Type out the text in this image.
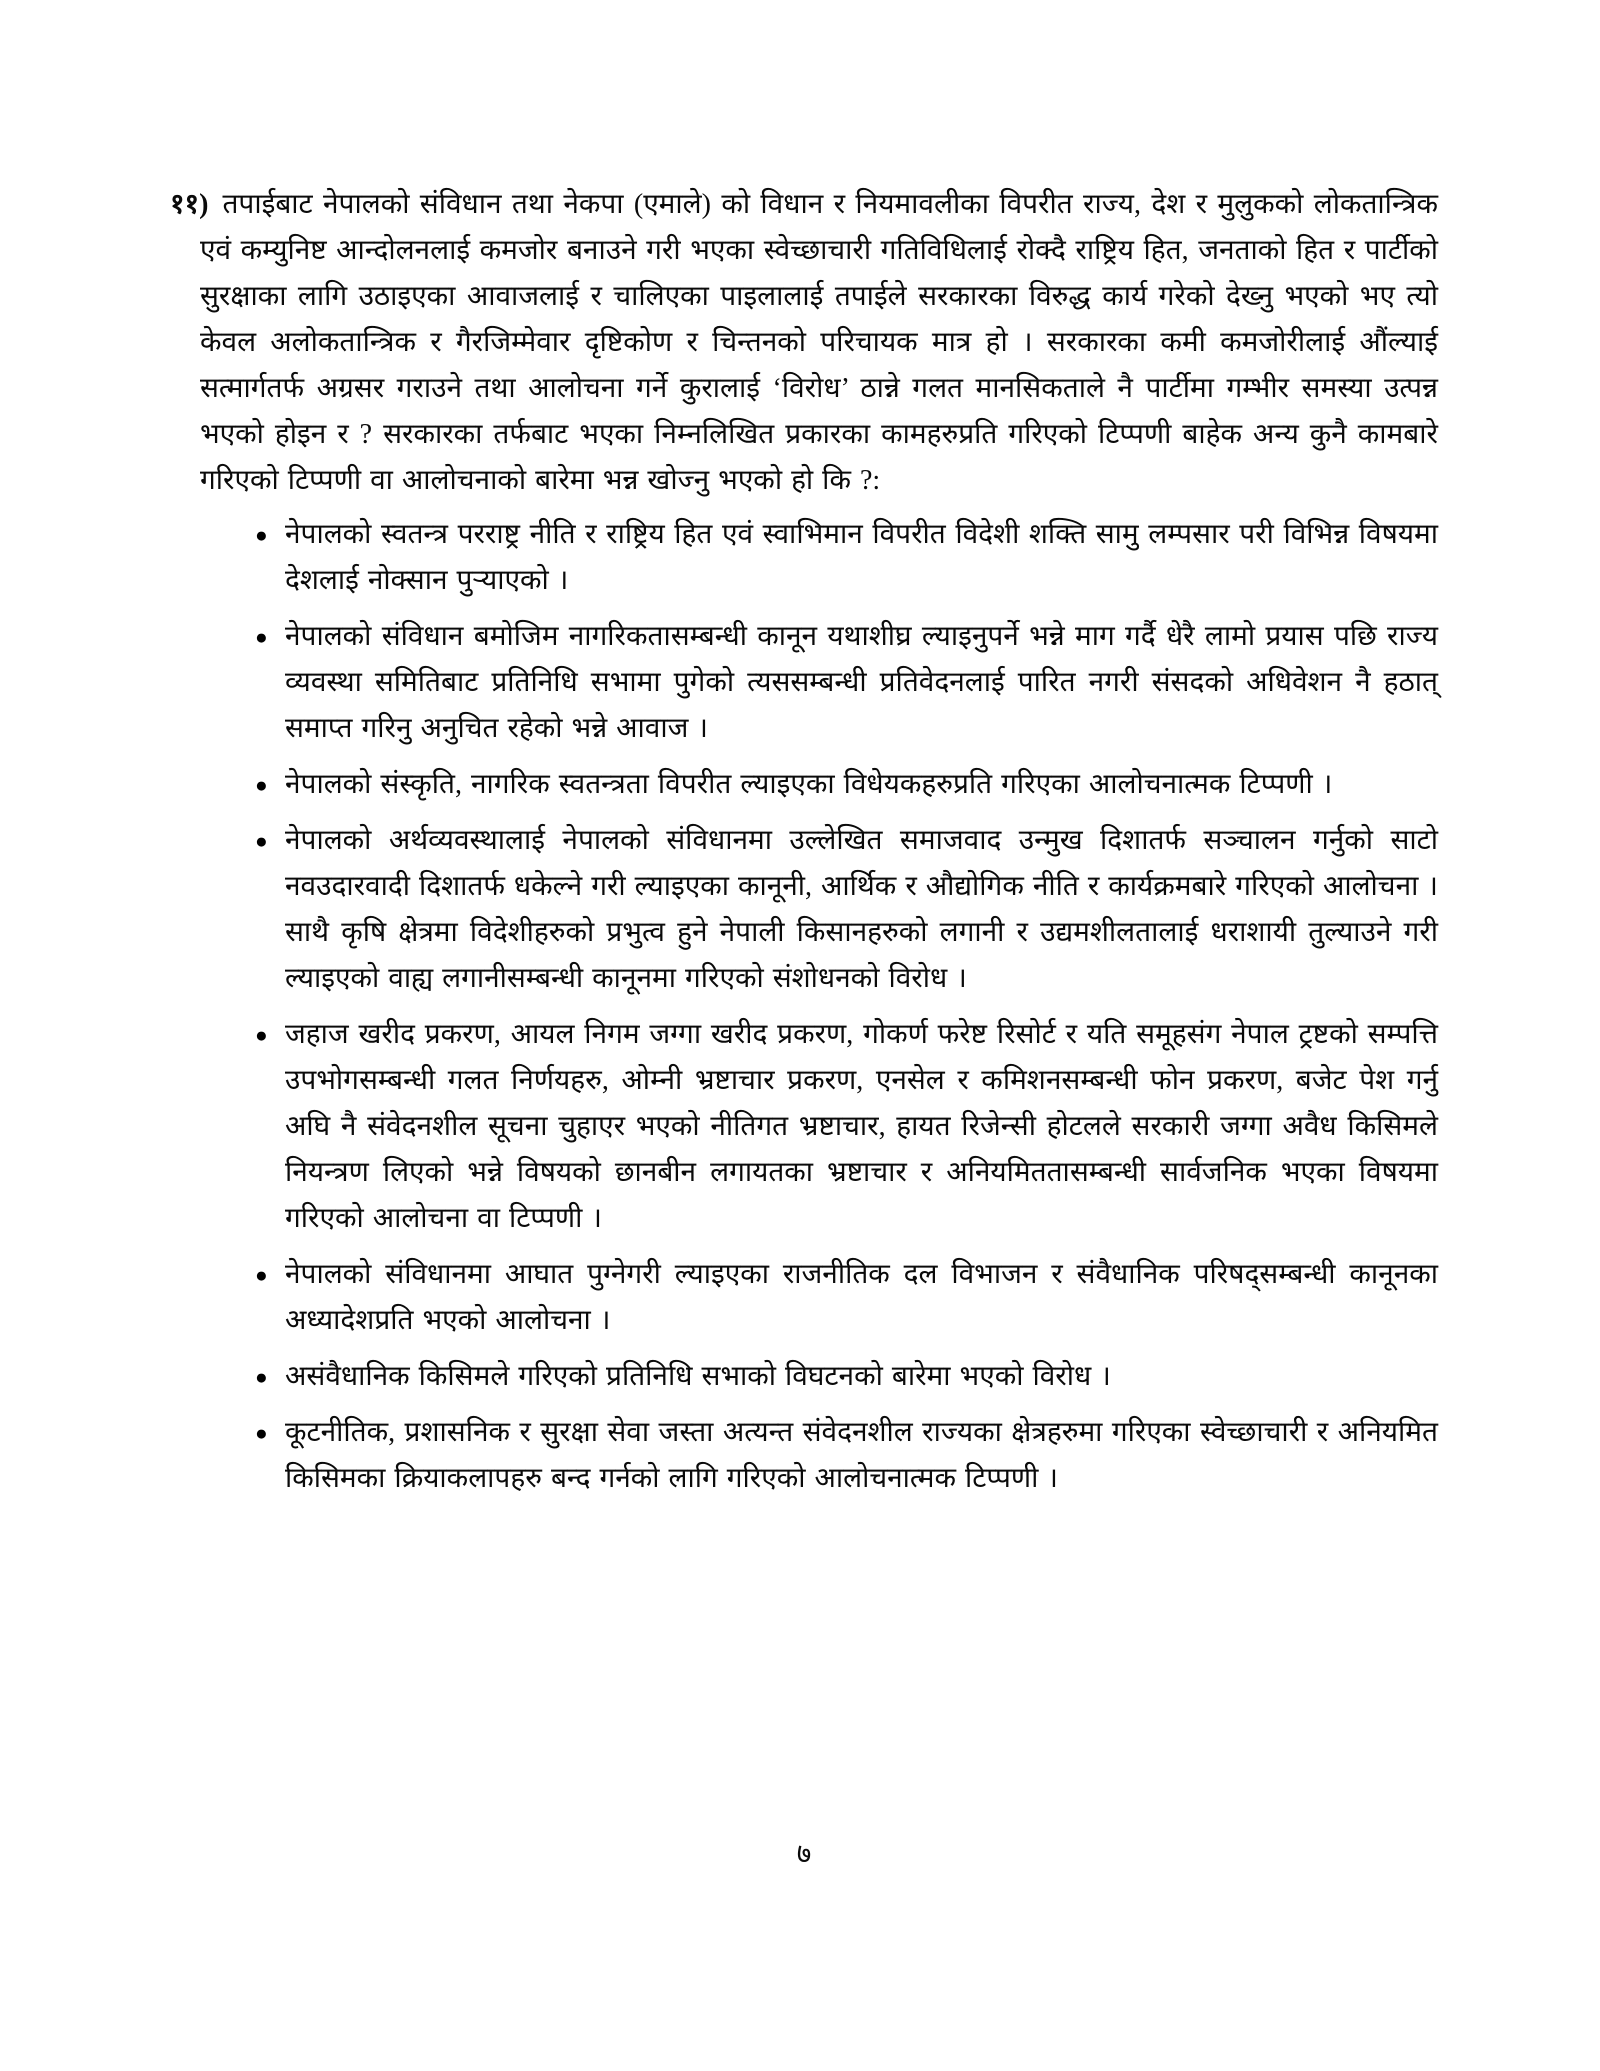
११) तपाईबाट नेपालको संविधान तथा नेकपा (एमाले) को विधान र नियमावलीका विपरीत राज्य, देश र मुलुकको लोकतान्त्रिक एवं कम्युनिष्ट आन्दोलनलाई कमजोर बनाउने गरी भएका स्वेच्छाचारी गतिविधिलाई रोक्दै राष्ट्रिय हित, जनताको हित र पार्टीको सुरक्षाका लागि उठाइएका आवाजलाई र चालिएका पाइलालाई तपाईले सरकारका विरुद्ध कार्य गरेको देख्नु भएको भए त्यो केवल अलोकतान्त्रिक र गैरजिम्मेवार दृष्टिकोण र चिन्तनको परिचायक मात्र हो । सरकारका कमी कमजोरीलाई औंल्याई सत्मार्गतर्फ अग्रसर गराउने तथा आलोचना गर्ने कुरालाई ‘विरोध’ ठान्ने गलत मानसिकताले नै पार्टीमा गम्भीर समस्या उत्पन्न भएको होइन र ? सरकारका तर्फबाट भएका निम्नलिखित प्रकारका कामहरुप्रति गरिएको टिप्पणी बाहेक अन्य कुनै कामबारे गरिएको टिप्पणी वा आलोचनाको बारेमा भन्न खोज्नु भएको हो कि ?:
● नेपालको स्वतन्त्र परराष्ट्र नीति र राष्ट्रिय हित एवं स्वाभिमान विपरीत विदेशी शक्ति सामु लम्पसार परी विभिन्न विषयमा देशलाई नोक्सान पुऱ्याएको ।
● नेपालको संविधान बमोजिम नागरिकतासम्बन्धी कानून यथाशीघ्र ल्याइनुपर्ने भन्ने माग गर्दै धेरै लामो प्रयास पछि राज्य व्यवस्था समितिबाट प्रतिनिधि सभामा पुगेको त्यससम्बन्धी प्रतिवेदनलाई पारित नगरी संसदको अधिवेशन नै हठात् समाप्त गरिनु अनुचित रहेको भन्ने आवाज ।
● नेपालको संस्कृति, नागरिक स्वतन्त्रता विपरीत ल्याइएका विधेयकहरुप्रति गरिएका आलोचनात्मक टिप्पणी ।
● नेपालको अर्थव्यवस्थालाई नेपालको संविधानमा उल्लेखित समाजवाद उन्मुख दिशातर्फ सञ्चालन गर्नुको साटो नवउदारवादी दिशातर्फ धकेल्ने गरी ल्याइएका कानूनी, आर्थिक र औद्योगिक नीति र कार्यक्रमबारे गरिएको आलोचना । साथै कृषि क्षेत्रमा विदेशीहरुको प्रभुत्व हुने नेपाली किसानहरुको लगानी र उद्यमशीलतालाई धराशायी तुल्याउने गरी ल्याइएको वाह्य लगानीसम्बन्धी कानूनमा गरिएको संशोधनको विरोध ।
● जहाज खरीद प्रकरण, आयल निगम जग्गा खरीद प्रकरण, गोकर्ण फरेष्ट रिसोर्ट र यति समूहसंग नेपाल ट्रष्टको सम्पत्ति उपभोगसम्बन्धी गलत निर्णयहरु, ओम्नी भ्रष्टाचार प्रकरण, एनसेल र कमिशनसम्बन्धी फोन प्रकरण, बजेट पेश गर्नु अघि नै संवेदनशील सूचना चुहाएर भएको नीतिगत भ्रष्टाचार, हायत रिजेन्सी होटलले सरकारी जग्गा अवैध किसिमले नियन्त्रण लिएको भन्ने विषयको छानबीन लगायतका भ्रष्टाचार र अनियमिततासम्बन्धी सार्वजनिक भएका विषयमा गरिएको आलोचना वा टिप्पणी ।
● नेपालको संविधानमा आघात पुग्नेगरी ल्याइएका राजनीतिक दल विभाजन र संवैधानिक परिषद्सम्बन्धी कानूनका अध्यादेशप्रति भएको आलोचना ।
● असंवैधानिक किसिमले गरिएको प्रतिनिधि सभाको विघटनको बारेमा भएको विरोध ।
● कूटनीतिक, प्रशासनिक र सुरक्षा सेवा जस्ता अत्यन्त संवेदनशील राज्यका क्षेत्रहरुमा गरिएका स्वेच्छाचारी र अनियमित किसिमका क्रियाकलापहरु बन्द गर्नको लागि गरिएको आलोचनात्मक टिप्पणी ।
७
